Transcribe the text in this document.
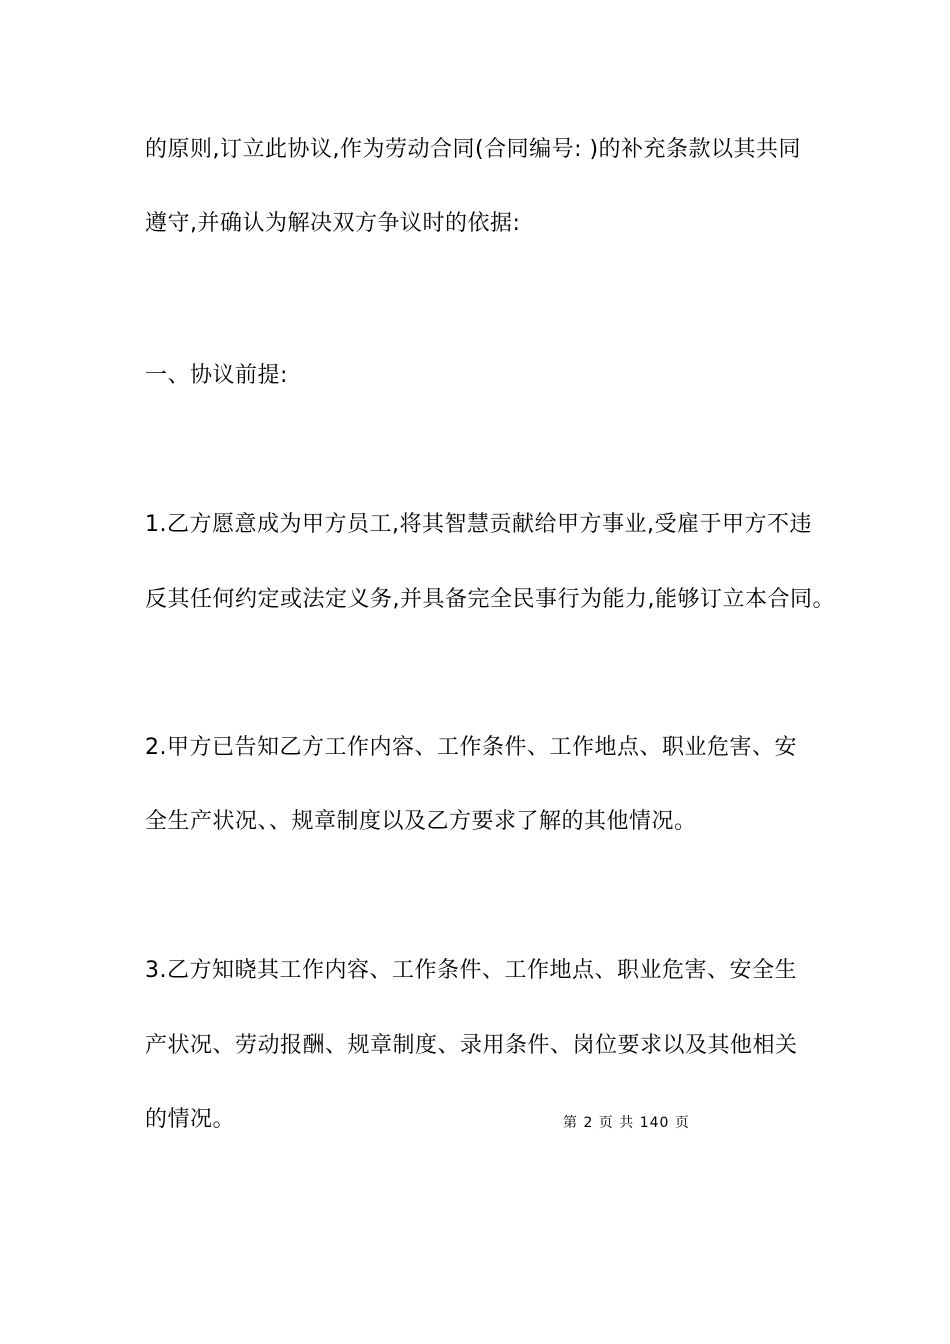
的原则,订立此协议,作为劳动合同(合同编号: )的补充条款以其共同
遵守,并确认为解决双方争议时的依据:
一、协议前提:
1.乙方愿意成为甲方员工,将其智慧贡献给甲方事业,受雇于甲方不违
反其任何约定或法定义务,并具备完全民事行为能力,能够订立本合同。
2.甲方已告知乙方工作内容、工作条件、工作地点、职业危害、安
全生产状况、、规章制度以及乙方要求了解的其他情况。
3.乙方知晓其工作内容、工作条件、工作地点、职业危害、安全生
产状况、劳动报酬、规章制度、录用条件、岗位要求以及其他相关
的情况。	第 2 页 共 140 页
